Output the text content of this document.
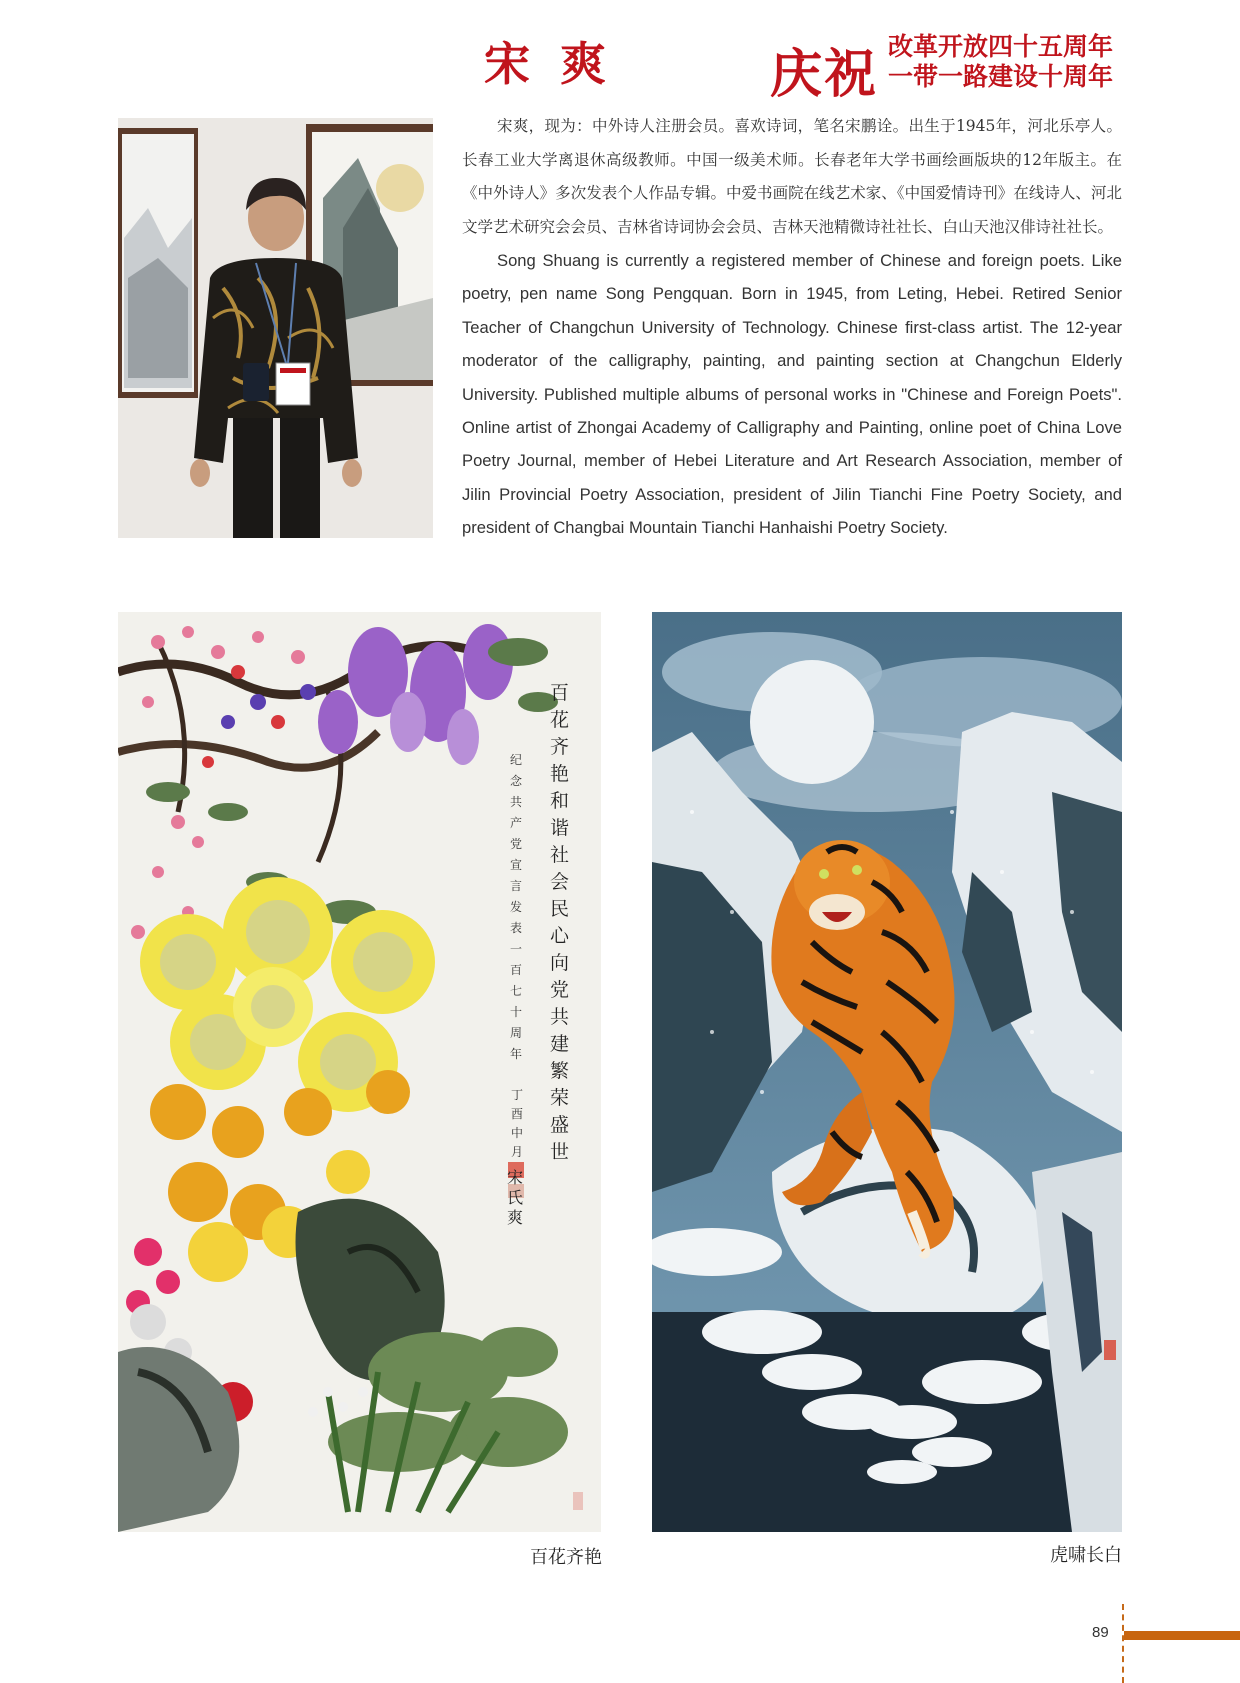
宋爽	庆祝 改革开放四十五周年
一带一路建设十周年

宋爽，现为：中外诗人注册会员。喜欢诗词，笔名宋鹏诠。出生于1945年，河北乐亭人。长春工业大学离退休高级教师。中国一级美术师。长春老年大学书画绘画版块的12年版主。在《中外诗人》多次发表个人作品专辑。中爱书画院在线艺术家、《中国爱情诗刊》在线诗人、河北文学艺术研究会会员、吉林省诗词协会会员、吉林天池精微诗社社长、白山天池汉俳诗社社长。

Song Shuang is currently a registered member of Chinese and foreign poets. Like poetry, pen name Song Pengquan. Born in 1945, from Leting, Hebei. Retired Senior Teacher of Changchun University of Technology. Chinese first-class artist. The 12-year moderator of the calligraphy, painting, and painting section at Changchun Elderly University. Published multiple albums of personal works in "Chinese and Foreign Poets". Online artist of Zhongai Academy of Calligraphy and Painting, online poet of China Love Poetry Journal, member of Hebei Literature and Art Research Association, member of Jilin Provincial Poetry Association, president of Jilin Tianchi Fine Poetry Society, and president of Changbai Mountain Tianchi Hanhaishi Poetry Society.

百花齐艳和谐社会民心向党共建繁荣盛世
纪念共产党宣言发表一百七十周年
丁酉中月
宋氏爽
百花齐艳	虎啸长白
89
